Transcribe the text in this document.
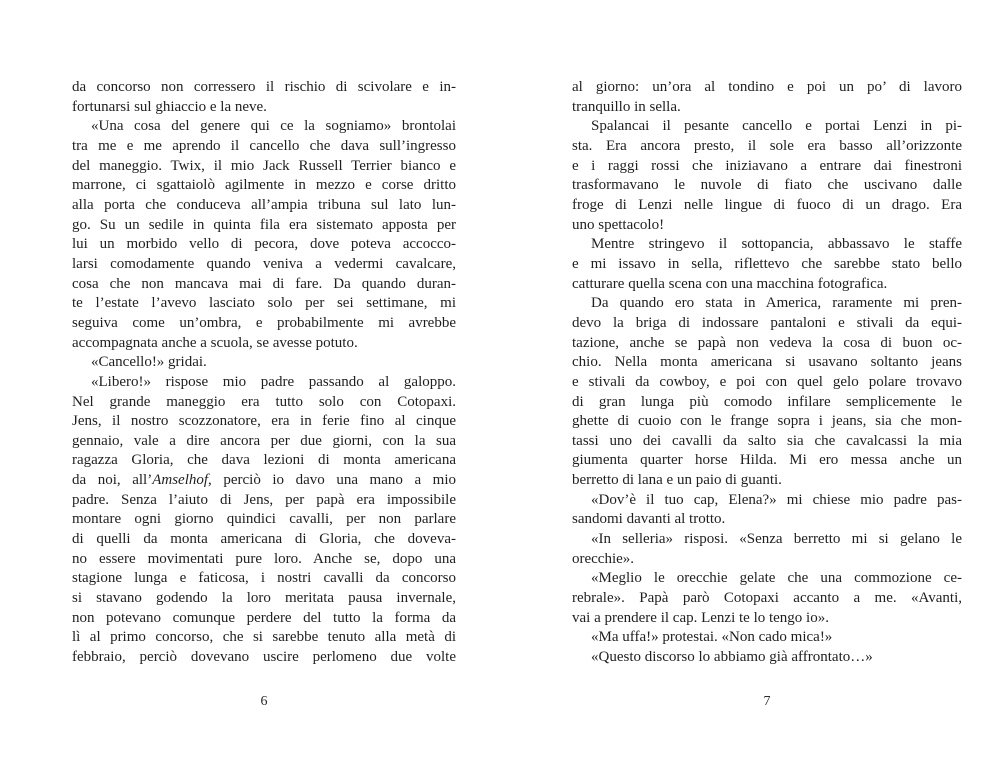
da concorso non corressero il rischio di scivolare e in-
fortunarsi sul ghiaccio e la neve.
«Una cosa del genere qui ce la sogniamo» brontolai
tra me e me aprendo il cancello che dava sull’ingresso
del maneggio. Twix, il mio Jack Russell Terrier bianco e
marrone, ci sgattaiolò agilmente in mezzo e corse dritto
alla porta che conduceva all’ampia tribuna sul lato lun-
go. Su un sedile in quinta fila era sistemato apposta per
lui un morbido vello di pecora, dove poteva accocco-
larsi comodamente quando veniva a vedermi cavalcare,
cosa che non mancava mai di fare. Da quando duran-
te l’estate l’avevo lasciato solo per sei settimane, mi
seguiva come un’ombra, e probabilmente mi avrebbe
accompagnata anche a scuola, se avesse potuto.
«Cancello!» gridai.
«Libero!» rispose mio padre passando al galoppo.
Nel grande maneggio era tutto solo con Cotopaxi.
Jens, il nostro scozzonatore, era in ferie fino al cinque
gennaio, vale a dire ancora per due giorni, con la sua
ragazza Gloria, che dava lezioni di monta americana
da noi, all’Amselhof, perciò io davo una mano a mio
padre. Senza l’aiuto di Jens, per papà era impossibile
montare ogni giorno quindici cavalli, per non parlare
di quelli da monta americana di Gloria, che doveva-
no essere movimentati pure loro. Anche se, dopo una
stagione lunga e faticosa, i nostri cavalli da concorso
si stavano godendo la loro meritata pausa invernale,
non potevano comunque perdere del tutto la forma da
lì al primo concorso, che si sarebbe tenuto alla metà di
febbraio, perciò dovevano uscire perlomeno due volte
6
al giorno: un’ora al tondino e poi un po’ di lavoro
tranquillo in sella.
Spalancai il pesante cancello e portai Lenzi in pi-
sta. Era ancora presto, il sole era basso all’orizzonte
e i raggi rossi che iniziavano a entrare dai finestroni
trasformavano le nuvole di fiato che uscivano dalle
froge di Lenzi nelle lingue di fuoco di un drago. Era
uno spettacolo!
Mentre stringevo il sottopancia, abbassavo le staffe
e mi issavo in sella, riflettevo che sarebbe stato bello
catturare quella scena con una macchina fotografica.
Da quando ero stata in America, raramente mi pren-
devo la briga di indossare pantaloni e stivali da equi-
tazione, anche se papà non vedeva la cosa di buon oc-
chio. Nella monta americana si usavano soltanto jeans
e stivali da cowboy, e poi con quel gelo polare trovavo
di gran lunga più comodo infilare semplicemente le
ghette di cuoio con le frange sopra i jeans, sia che mon-
tassi uno dei cavalli da salto sia che cavalcassi la mia
giumenta quarter horse Hilda. Mi ero messa anche un
berretto di lana e un paio di guanti.
«Dov’è il tuo cap, Elena?» mi chiese mio padre pas-
sandomi davanti al trotto.
«In selleria» risposi. «Senza berretto mi si gelano le
orecchie».
«Meglio le orecchie gelate che una commozione ce-
rebrale». Papà parò Cotopaxi accanto a me. «Avanti,
vai a prendere il cap. Lenzi te lo tengo io».
«Ma uffa!» protestai. «Non cado mica!»
«Questo discorso lo abbiamo già affrontato…»
7
